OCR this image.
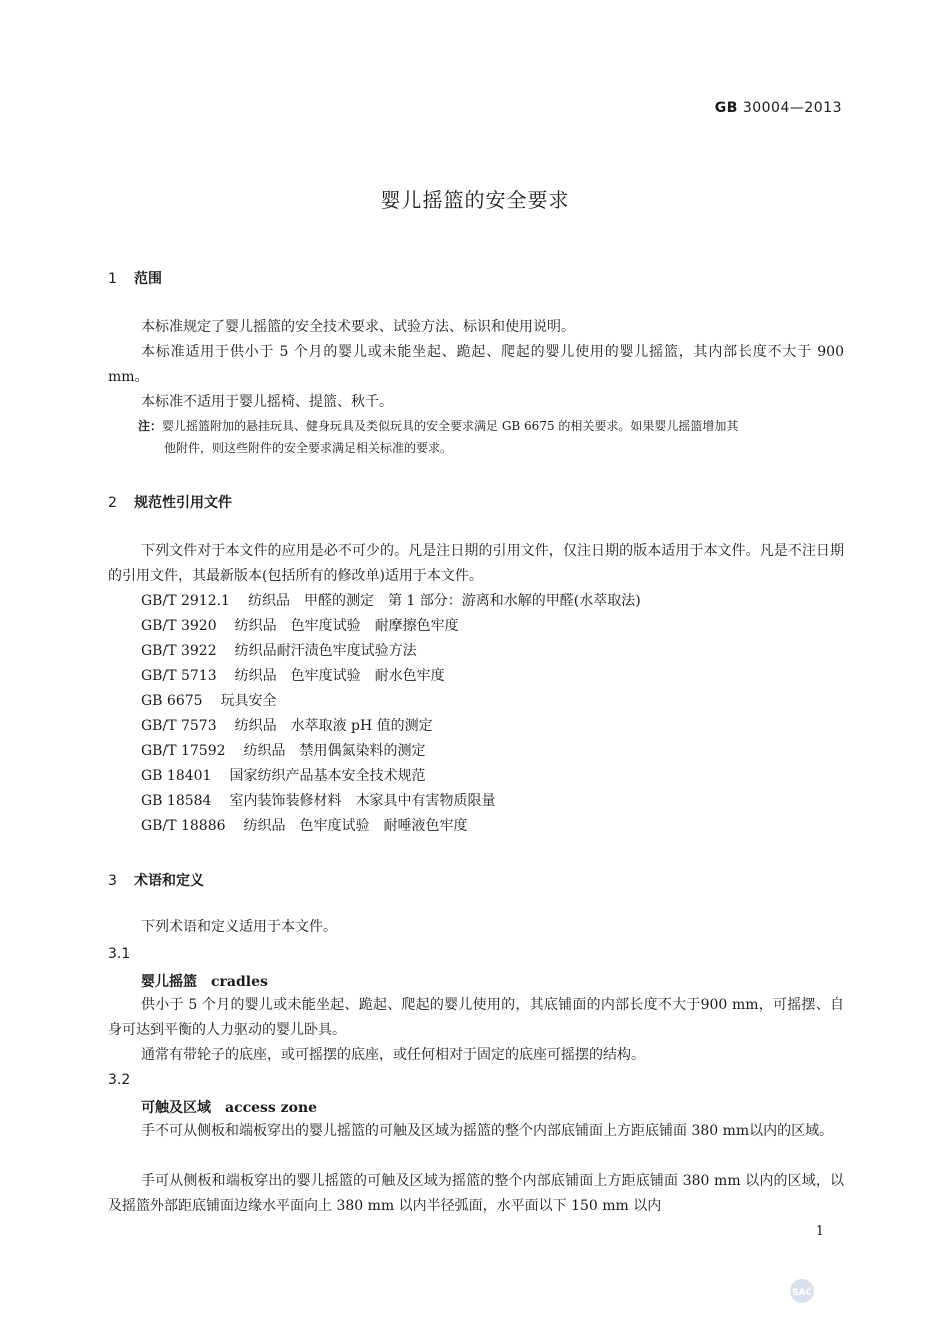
GB 30004—2013
婴儿摇篮的安全要求
1 范围
本标准规定了婴儿摇篮的安全技术要求、试验方法、标识和使用说明。
本标准适用于供小于 5 个月的婴儿或未能坐起、跪起、爬起的婴儿使用的婴儿摇篮，其内部长度不大于 900 mm。
本标准不适用于婴儿摇椅、提篮、秋千。
注：婴儿摇篮附加的悬挂玩具、健身玩具及类似玩具的安全要求满足 GB 6675 的相关要求。如果婴儿摇篮增加其
他附件，则这些附件的安全要求满足相关标准的要求。
2 规范性引用文件
下列文件对于本文件的应用是必不可少的。凡是注日期的引用文件，仅注日期的版本适用于本文件。凡是不注日期的引用文件，其最新版本(包括所有的修改单)适用于本文件。
GB/T 2912.1 纺织品　甲醛的测定　第 1 部分：游离和水解的甲醛(水萃取法)
GB/T 3920 纺织品　色牢度试验　耐摩擦色牢度
GB/T 3922 纺织品耐汗渍色牢度试验方法
GB/T 5713 纺织品　色牢度试验　耐水色牢度
GB 6675 玩具安全
GB/T 7573 纺织品　水萃取液 pH 值的测定
GB/T 17592 纺织品　禁用偶氮染料的测定
GB 18401 国家纺织产品基本安全技术规范
GB 18584 室内装饰装修材料　木家具中有害物质限量
GB/T 18886 纺织品　色牢度试验　耐唾液色牢度
3 术语和定义
下列术语和定义适用于本文件。
3.1
婴儿摇篮 cradles
供小于 5 个月的婴儿或未能坐起、跪起、爬起的婴儿使用的，其底铺面的内部长度不大于900 mm，可摇摆、自身可达到平衡的人力驱动的婴儿卧具。
通常有带轮子的底座，或可摇摆的底座，或任何相对于固定的底座可摇摆的结构。
3.2
可触及区域 access zone
手不可从侧板和端板穿出的婴儿摇篮的可触及区域为摇篮的整个内部底铺面上方距底铺面 380 mm以内的区域。
手可从侧板和端板穿出的婴儿摇篮的可触及区域为摇篮的整个内部底铺面上方距底铺面 380 mm 以内的区域，以及摇篮外部距底铺面边缘水平面向上 380 mm 以内半径弧面，水平面以下 150 mm 以内
1
SAC
